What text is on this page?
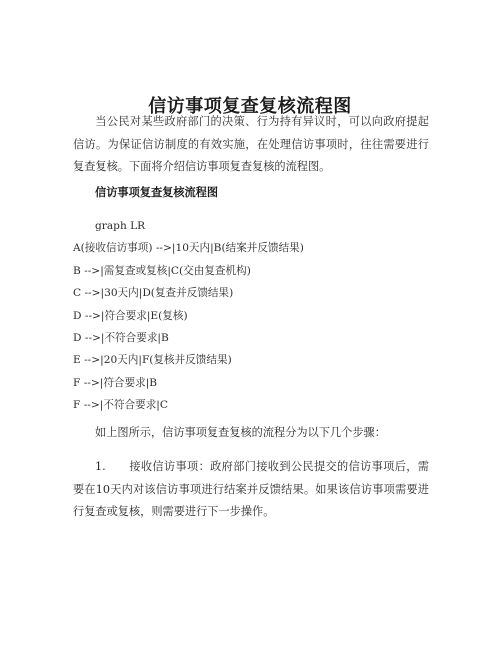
信访事项复查复核流程图

当公民对某些政府部门的决策、行为持有异议时，可以向政府提起信访。为保证信访制度的有效实施，在处理信访事项时，往往需要进行复查复核。下面将介绍信访事项复查复核的流程图。

信访事项复查复核流程图

graph LR
A(接收信访事项) -->|10天内|B(结案并反馈结果)
B -->|需复查或复核|C(交由复查机构)
C -->|30天内|D(复查并反馈结果)
D -->|符合要求|E(复核)
D -->|不符合要求|B
E -->|20天内|F(复核并反馈结果)
F -->|符合要求|B
F -->|不符合要求|C

如上图所示，信访事项复查复核的流程分为以下几个步骤：

1. 接收信访事项：政府部门接收到公民提交的信访事项后，需要在10天内对该信访事项进行结案并反馈结果。如果该信访事项需要进行复查或复核，则需要进行下一步操作。
